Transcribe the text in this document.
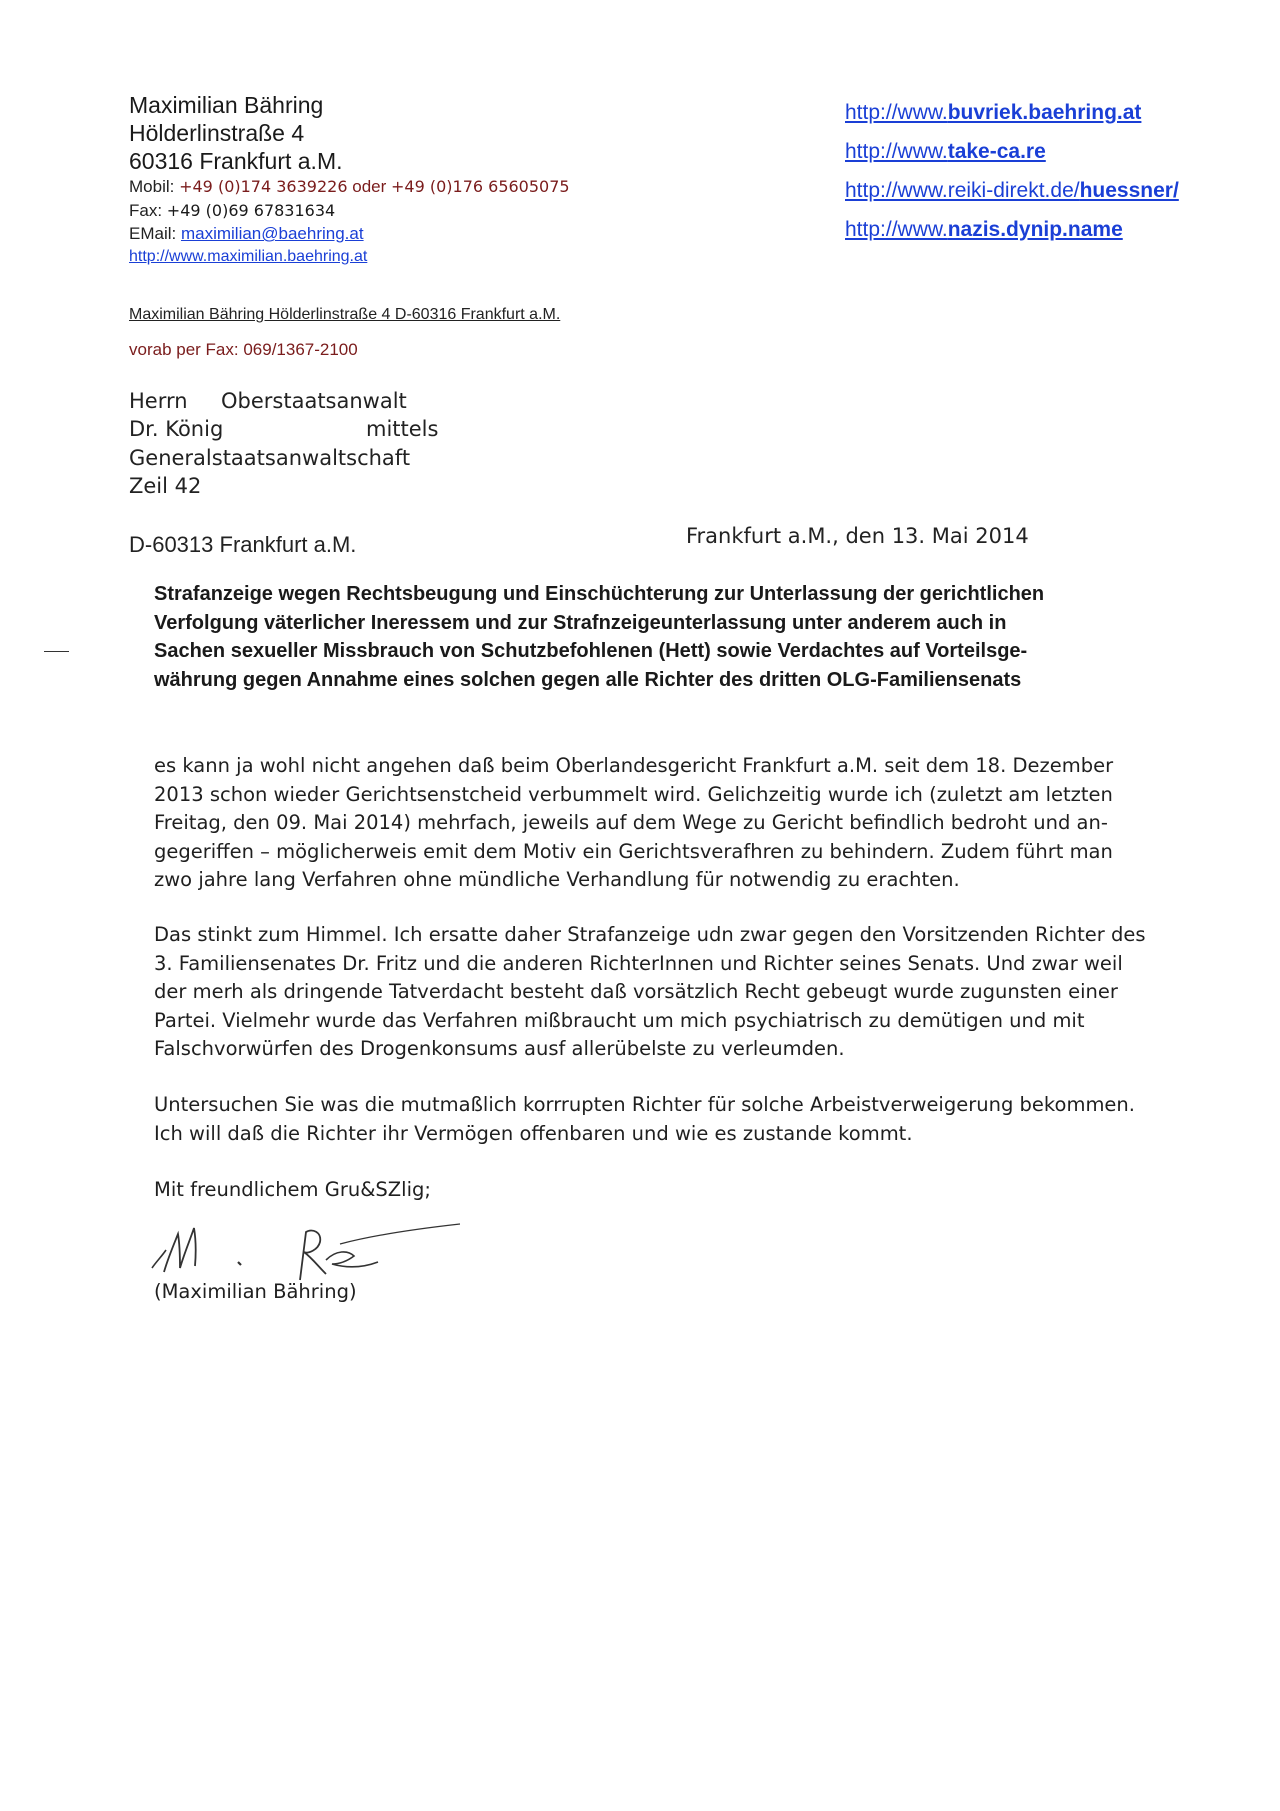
Maximilian Bähring
Hölderlinstraße 4
60316 Frankfurt a.M.
Mobil: +49 (0)174 3639226 oder +49 (0)176 65605075
Fax: +49 (0)69 67831634
EMail: maximilian@baehring.at
http://www.maximilian.baehring.at
http://www.buvriek.baehring.at
http://www.take-ca.re
http://www.reiki-direkt.de/huessner/
http://www.nazis.dynip.name
Maximilian Bähring Hölderlinstraße 4 D-60316 Frankfurt a.M.
vorab per Fax: 069/1367-2100
Herrn Oberstaatsanwalt
Dr. König	mittels
Generalstaatsanwaltschaft
Zeil 42
D-60313 Frankfurt a.M.	Frankfurt a.M., den 13. Mai 2014
Strafanzeige wegen Rechtsbeugung und Einschüchterung zur Unterlassung der gerichtlichen
Verfolgung väterlicher Ineressem und zur Strafnzeigeunterlassung unter anderem auch in
Sachen sexueller Missbrauch von Schutzbefohlenen (Hett) sowie Verdachtes auf Vorteilsge-
währung gegen Annahme eines solchen gegen alle Richter des dritten OLG-Familiensenats
es kann ja wohl nicht angehen daß beim Oberlandesgericht Frankfurt a.M. seit dem 18. Dezember
2013 schon wieder Gerichtsenstcheid verbummelt wird. Gelichzeitig wurde ich (zuletzt am letzten
Freitag, den 09. Mai 2014) mehrfach, jeweils auf dem Wege zu Gericht befindlich bedroht und an-
gegeriffen – möglicherweis emit dem Motiv ein Gerichtsverafhren zu behindern. Zudem führt man
zwo jahre lang Verfahren ohne mündliche Verhandlung für notwendig zu erachten.
Das stinkt zum Himmel. Ich ersatte daher Strafanzeige udn zwar gegen den Vorsitzenden Richter des
3. Familiensenates Dr. Fritz und die anderen RichterInnen und Richter seines Senats. Und zwar weil
der merh als dringende Tatverdacht besteht daß vorsätzlich Recht gebeugt wurde zugunsten einer
Partei. Vielmehr wurde das Verfahren mißbraucht um mich psychiatrisch zu demütigen und mit
Falschvorwürfen des Drogenkonsums ausf allerübelste zu verleumden.
Untersuchen Sie was die mutmaßlich korrrupten Richter für solche Arbeistverweigerung bekommen.
Ich will daß die Richter ihr Vermögen offenbaren und wie es zustande kommt.
Mit freundlichem Gru&SZlig;
(Maximilian Bähring)
